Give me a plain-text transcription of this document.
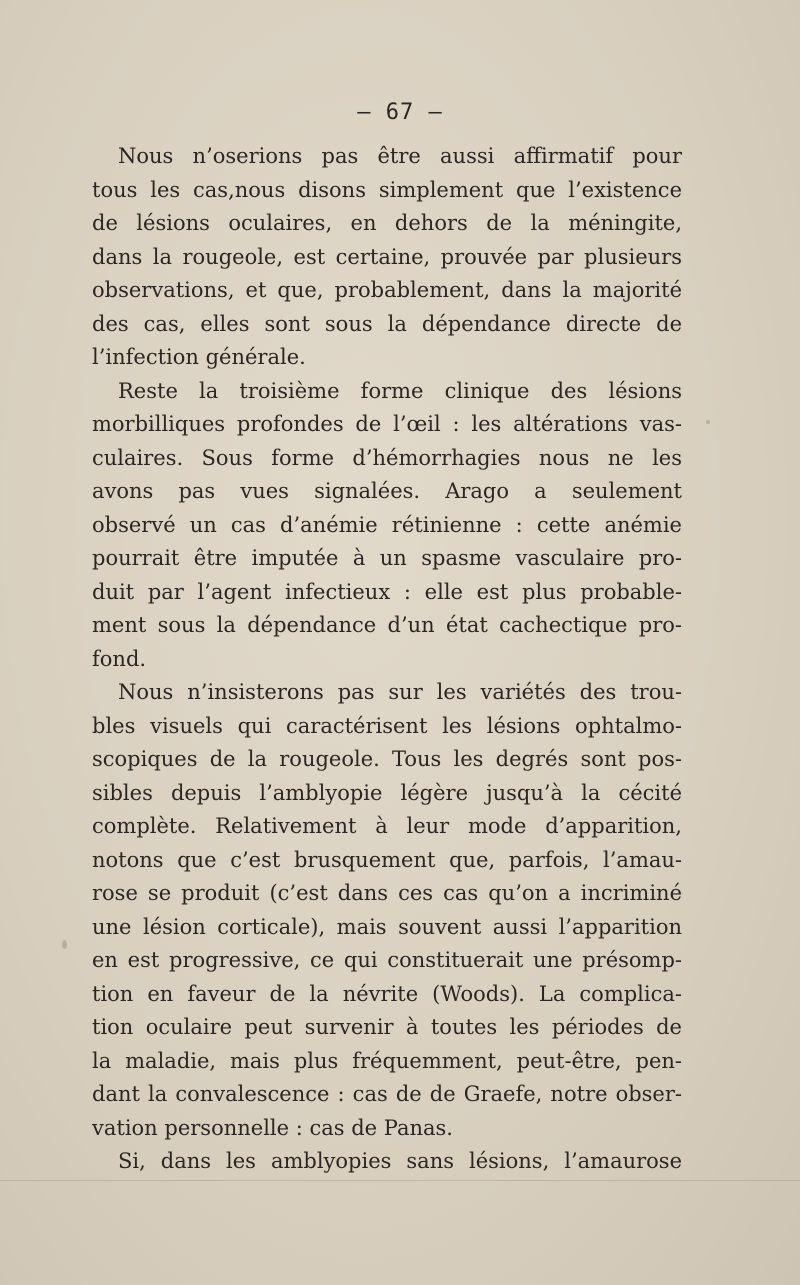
— 67 —
Nous n’oserions pas être aussi affirmatif pour
tous les cas,nous disons simplement que l’existence
de lésions oculaires, en dehors de la méningite,
dans la rougeole, est certaine, prouvée par plusieurs
observations, et que, probablement, dans la majorité
des cas, elles sont sous la dépendance directe de
l’infection générale.
Reste la troisième forme clinique des lésions
morbilliques profondes de l’œil : les altérations vas-
culaires. Sous forme d’hémorrhagies nous ne les
avons pas vues signalées. Arago a seulement
observé un cas d’anémie rétinienne : cette anémie
pourrait être imputée à un spasme vasculaire pro-
duit par l’agent infectieux : elle est plus probable-
ment sous la dépendance d’un état cachectique pro-
fond.
Nous n’insisterons pas sur les variétés des trou-
bles visuels qui caractérisent les lésions ophtalmo-
scopiques de la rougeole. Tous les degrés sont pos-
sibles depuis l’amblyopie légère jusqu’à la cécité
complète. Relativement à leur mode d’apparition,
notons que c’est brusquement que, parfois, l’amau-
rose se produit (c’est dans ces cas qu’on a incriminé
une lésion corticale), mais souvent aussi l’apparition
en est progressive, ce qui constituerait une présomp-
tion en faveur de la névrite (Woods). La complica-
tion oculaire peut survenir à toutes les périodes de
la maladie, mais plus fréquemment, peut-être, pen-
dant la convalescence : cas de de Graefe, notre obser-
vation personnelle : cas de Panas.
Si, dans les amblyopies sans lésions, l’amaurose
